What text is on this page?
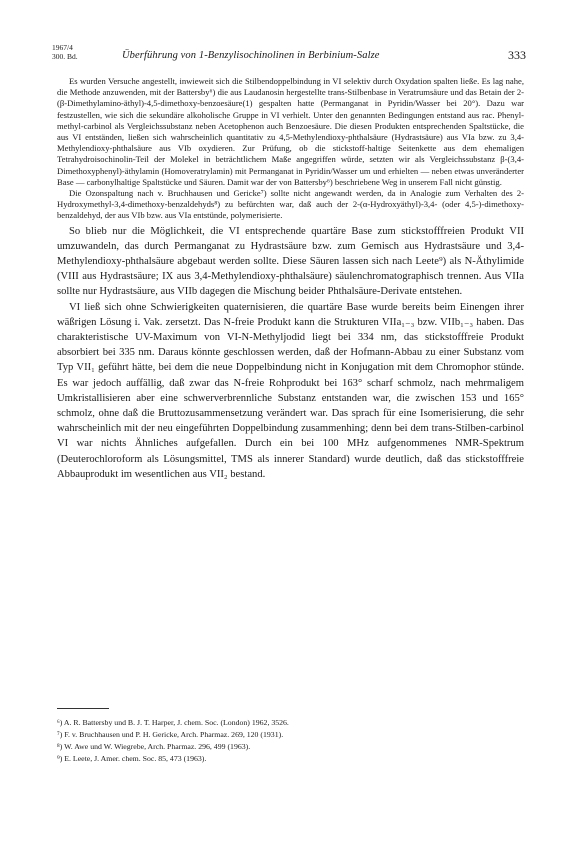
1967/4
300. Bd.	Überführung von 1-Benzylisochinolinen in Berbinium-Salze	333

Es wurden Versuche angestellt, inwieweit sich die Stilbendoppelbindung in VI selektiv durch Oxydation spalten ließe. Es lag nahe, die Methode anzuwenden, mit der Battersby⁶) die aus Laudanosin hergestellte trans-Stilbenbase in Veratrumsäure und das Betain der 2-(β-Dimethylamino-äthyl)-4,5-dimethoxy-benzoesäure(1) gespalten hatte (Permanganat in Pyridin/Wasser bei 20°). Dazu war festzustellen, wie sich die sekundäre alkoholische Gruppe in VI verhielt. Unter den genannten Bedingungen entstand aus rac. Phenyl-methyl-carbinol als Vergleichssubstanz neben Acetophenon auch Benzoesäure. Die diesen Produkten entsprechenden Spaltstücke, die aus VI entständen, ließen sich wahrscheinlich quantitativ zu 4,5-Methylendioxy-phthalsäure (Hydrastsäure) aus VIa bzw. zu 3,4-Methylendioxy-phthalsäure aus VIb oxydieren. Zur Prüfung, ob die stickstoff-haltige Seitenkette aus dem ehemaligen Tetrahydroisochinolin-Teil der Molekel in beträchtlichem Maße angegriffen würde, setzten wir als Vergleichssubstanz β-(3,4-Dimethoxyphenyl)-äthylamin (Homoveratrylamin) mit Permanganat in Pyridin/Wasser um und erhielten — neben etwas unveränderter Base — carbonylhaltige Spaltstücke und Säuren. Damit war der von Battersby⁶) beschriebene Weg in unserem Fall nicht günstig.

Die Ozonspaltung nach v. Bruchhausen und Gericke⁷) sollte nicht angewandt werden, da in Analogie zum Verhalten des 2-Hydroxymethyl-3,4-dimethoxy-benzaldehyds⁸) zu befürchten war, daß auch der 2-(α-Hydroxyäthyl)-3,4- (oder 4,5-)-dimethoxy-benzaldehyd, der aus VIb bzw. aus VIa entstünde, polymerisierte.

So blieb nur die Möglichkeit, die VI entsprechende quartäre Base zum stickstofffreien Produkt VII umzuwandeln, das durch Permanganat zu Hydrastsäure bzw. zum Gemisch aus Hydrastsäure und 3,4-Methylendioxy-phthalsäure abgebaut werden sollte. Diese Säuren lassen sich nach Leete⁹) als N-Äthylimide (VIII aus Hydrastsäure; IX aus 3,4-Methylendioxy-phthalsäure) säulenchromatographisch trennen. Aus VIIa sollte nur Hydrastsäure, aus VIIb dagegen die Mischung beider Phthalsäure-Derivate entstehen.

VI ließ sich ohne Schwierigkeiten quaternisieren, die quartäre Base wurde bereits beim Einengen ihrer wäßrigen Lösung i. Vak. zersetzt. Das N-freie Produkt kann die Strukturen VIIa₁₋₃ bzw. VIIb₁₋₃ haben. Das charakteristische UV-Maximum von VI-N-Methyljodid liegt bei 334 nm, das stickstofffreie Produkt absorbiert bei 335 nm. Daraus könnte geschlossen werden, daß der Hofmann-Abbau zu einer Substanz vom Typ VII₁ geführt hätte, bei dem die neue Doppelbindung nicht in Konjugation mit dem Chromophor stünde. Es war jedoch auffällig, daß zwar das N-freie Rohprodukt bei 163° scharf schmolz, nach mehrmaligem Umkristallisieren aber eine schwerverbrennliche Substanz entstanden war, die zwischen 153 und 165° schmolz, ohne daß die Bruttozusammensetzung verändert war. Das sprach für eine Isomerisierung, die sehr wahrscheinlich mit der neu eingeführten Doppelbindung zusammenhing; denn bei dem trans-Stilben-carbinol VI war nichts Ähnliches aufgefallen. Durch ein bei 100 MHz aufgenommenes NMR-Spektrum (Deuterochloroform als Lösungsmittel, TMS als innerer Standard) wurde deutlich, daß das stickstofffreie Abbauprodukt im wesentlichen aus VII₂ bestand.

⁶) A. R. Battersby und B. J. T. Harper, J. chem. Soc. (London) 1962, 3526.
⁷) F. v. Bruchhausen und P. H. Gericke, Arch. Pharmaz. 269, 120 (1931).
⁸) W. Awe und W. Wiegrebe, Arch. Pharmaz. 296, 499 (1963).
⁹) E. Leete, J. Amer. chem. Soc. 85, 473 (1963).
